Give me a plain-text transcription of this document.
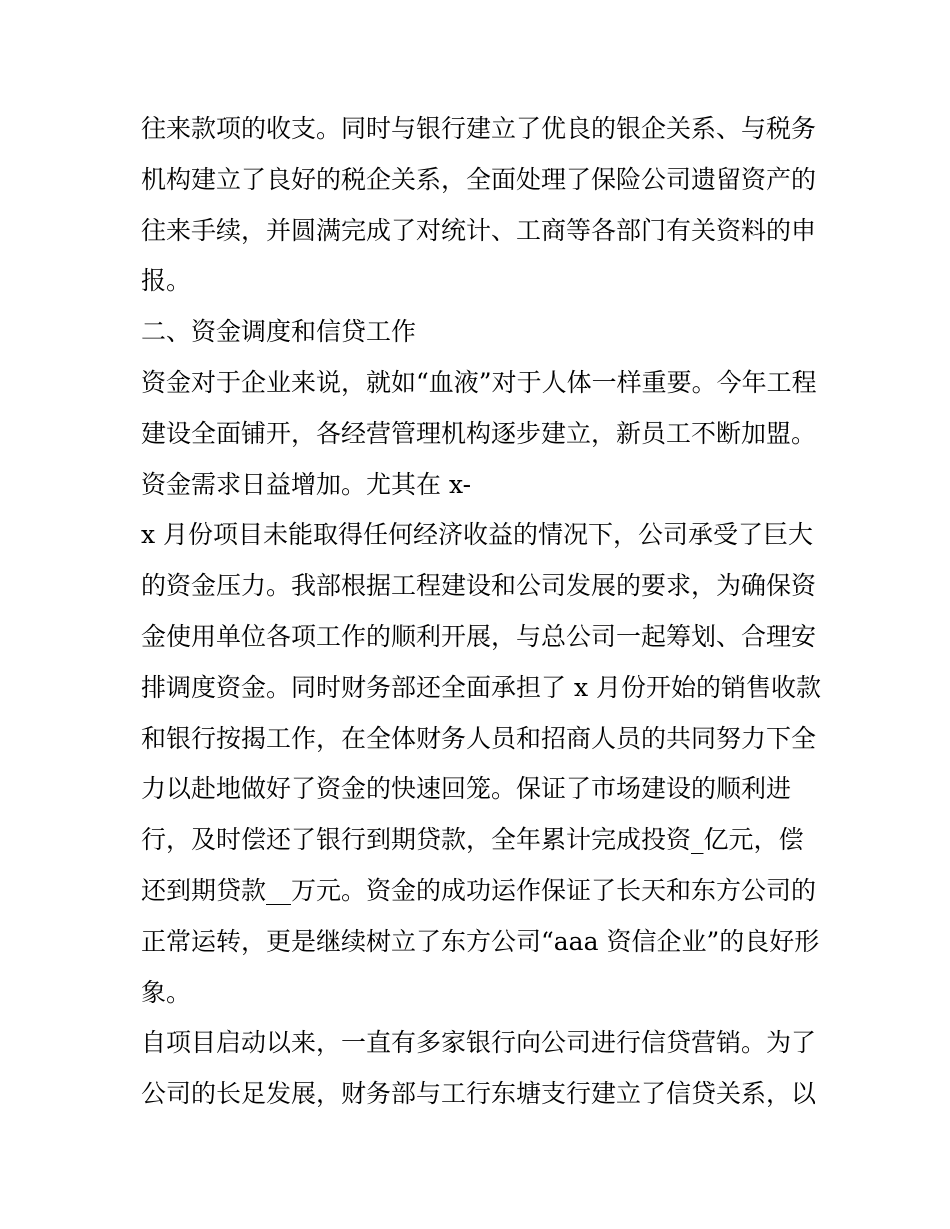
往来款项的收支。同时与银行建立了优良的银企关系、与税务
机构建立了良好的税企关系，全面处理了保险公司遗留资产的
往来手续，并圆满完成了对统计、工商等各部门有关资料的申
报。
二、资金调度和信贷工作
资金对于企业来说，就如“血液”对于人体一样重要。今年工程
建设全面铺开，各经营管理机构逐步建立，新员工不断加盟。
资金需求日益增加。尤其在 x-
x 月份项目未能取得任何经济收益的情况下，公司承受了巨大
的资金压力。我部根据工程建设和公司发展的要求，为确保资
金使用单位各项工作的顺利开展，与总公司一起筹划、合理安
排调度资金。同时财务部还全面承担了 x 月份开始的销售收款
和银行按揭工作，在全体财务人员和招商人员的共同努力下全
力以赴地做好了资金的快速回笼。保证了市场建设的顺利进
行，及时偿还了银行到期贷款，全年累计完成投资_亿元，偿
还到期贷款__万元。资金的成功运作保证了长天和东方公司的
正常运转，更是继续树立了东方公司“aaa 资信企业”的良好形
象。
自项目启动以来，一直有多家银行向公司进行信贷营销。为了
公司的长足发展，财务部与工行东塘支行建立了信贷关系，以
